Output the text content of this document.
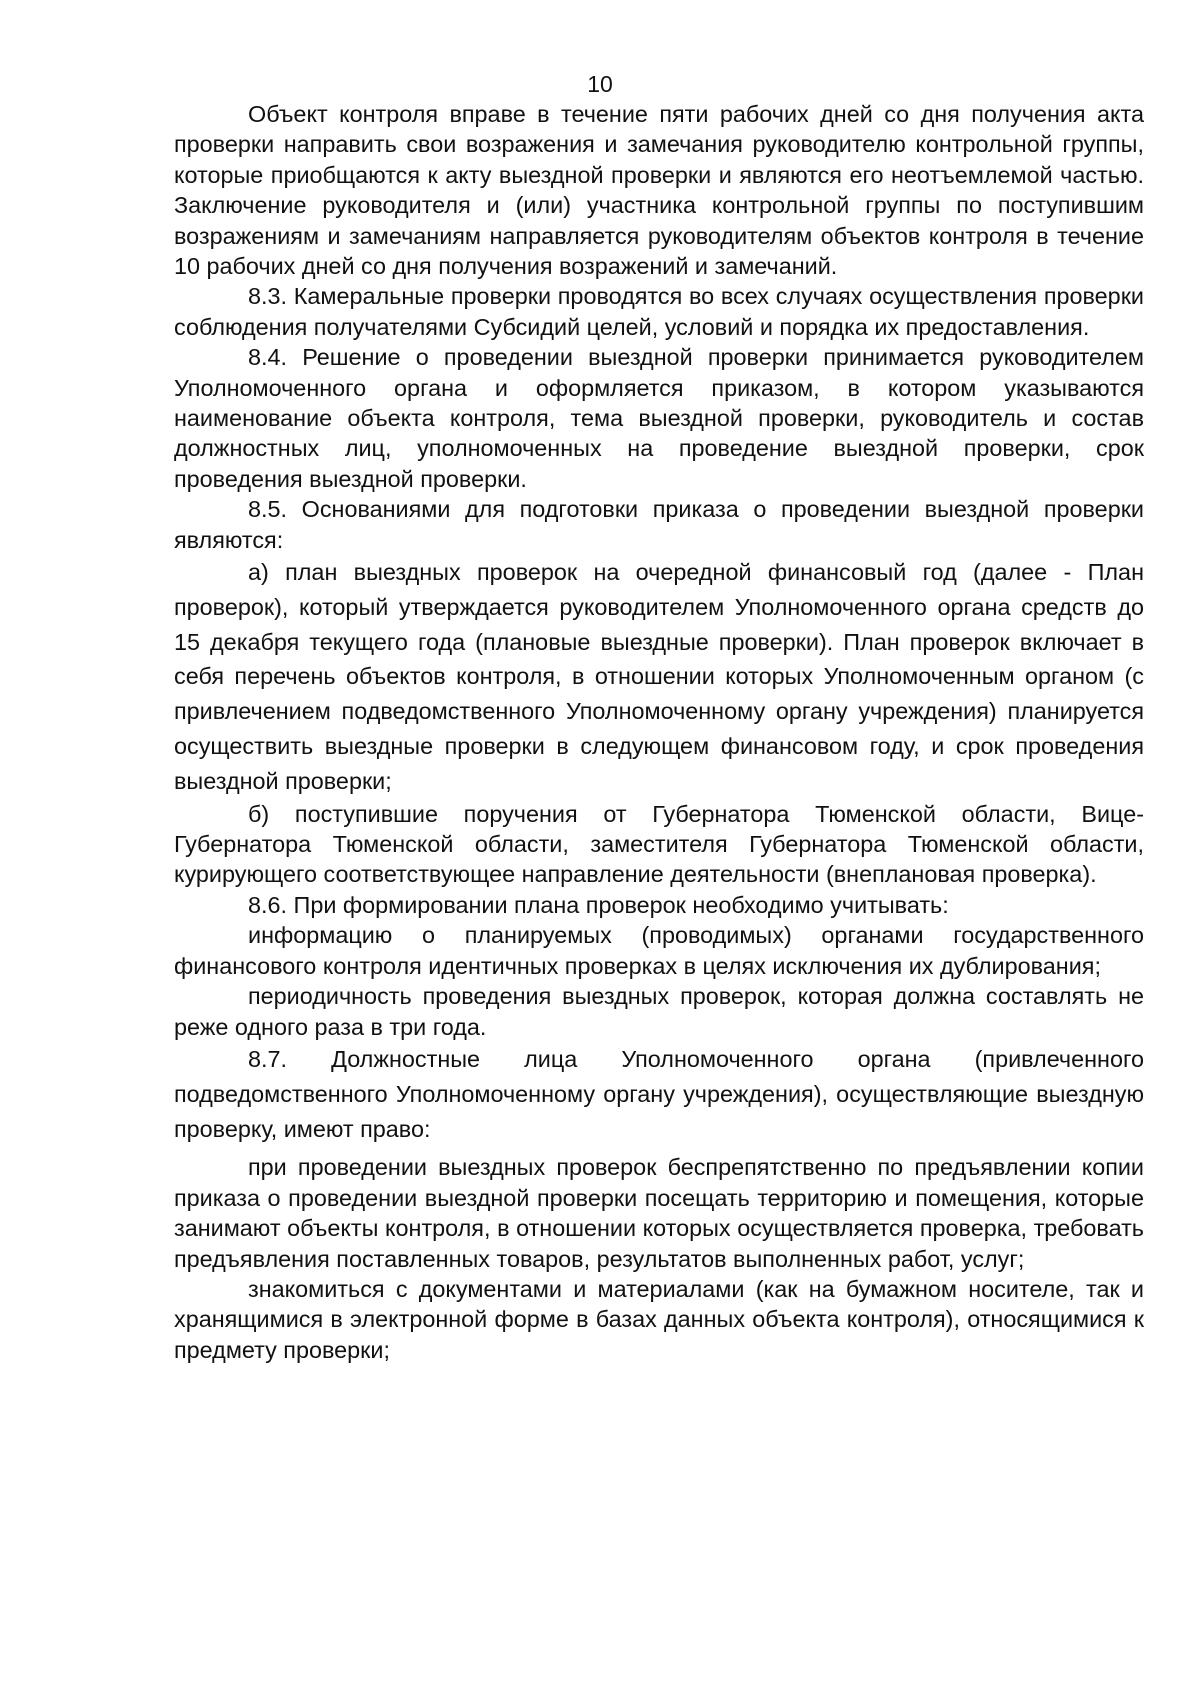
10

Объект контроля вправе в течение пяти рабочих дней со дня получения акта проверки направить свои возражения и замечания руководителю контрольной группы, которые приобщаются к акту выездной проверки и являются его неотъемлемой частью. Заключение руководителя и (или) участника контрольной группы по поступившим возражениям и замечаниям направляется руководителям объектов контроля в течение 10 рабочих дней со дня получения возражений и замечаний.

8.3. Камеральные проверки проводятся во всех случаях осуществления проверки соблюдения получателями Субсидий целей, условий и порядка их предоставления.

8.4. Решение о проведении выездной проверки принимается руководителем Уполномоченного органа и оформляется приказом, в котором указываются наименование объекта контроля, тема выездной проверки, руководитель и состав должностных лиц, уполномоченных на проведение выездной проверки, срок проведения выездной проверки.

8.5. Основаниями для подготовки приказа о проведении выездной проверки являются:

а) план выездных проверок на очередной финансовый год (далее - План проверок), который утверждается руководителем Уполномоченного органа средств до 15 декабря текущего года (плановые выездные проверки). План проверок включает в себя перечень объектов контроля, в отношении которых Уполномоченным органом (с привлечением подведомственного Уполномоченному органу учреждения) планируется осуществить выездные проверки в следующем финансовом году, и срок проведения выездной проверки;

б) поступившие поручения от Губернатора Тюменской области, Вице-Губернатора Тюменской области, заместителя Губернатора Тюменской области, курирующего соответствующее направление деятельности (внеплановая проверка).

8.6. При формировании плана проверок необходимо учитывать:

информацию о планируемых (проводимых) органами государственного финансового контроля идентичных проверках в целях исключения их дублирования;

периодичность проведения выездных проверок, которая должна составлять не реже одного раза в три года.

8.7. Должностные лица Уполномоченного органа (привлеченного подведомственного Уполномоченному органу учреждения), осуществляющие выездную проверку, имеют право:

при проведении выездных проверок беспрепятственно по предъявлении копии приказа о проведении выездной проверки посещать территорию и помещения, которые занимают объекты контроля, в отношении которых осуществляется проверка, требовать предъявления поставленных товаров, результатов выполненных работ, услуг;

знакомиться с документами и материалами (как на бумажном носителе, так и хранящимися в электронной форме в базах данных объекта контроля), относящимися к предмету проверки;
